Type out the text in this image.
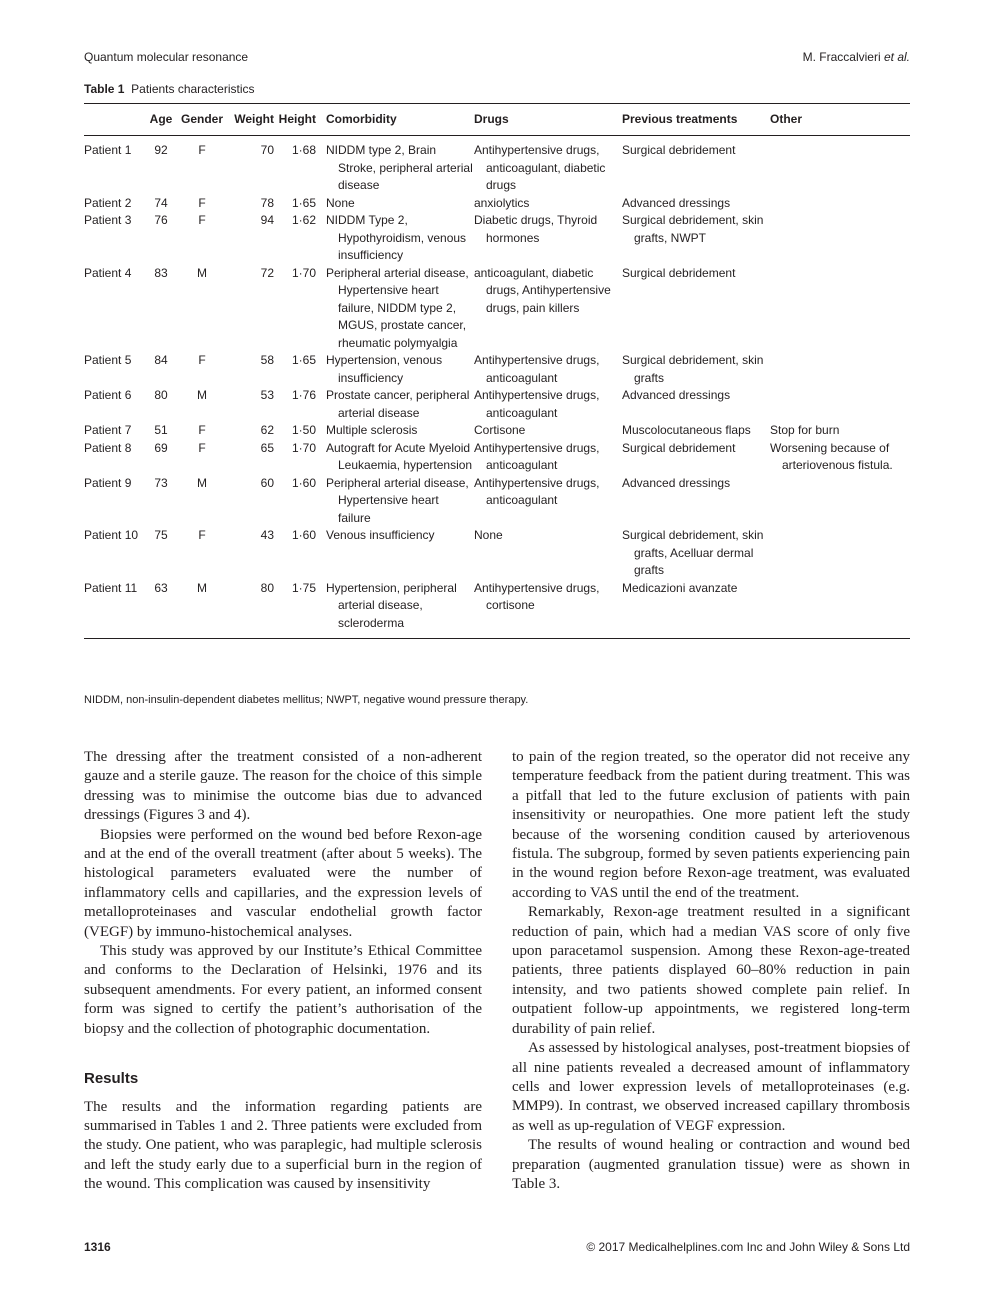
Quantum molecular resonance	M. Fraccalvieri et al.
Table 1 Patients characteristics
	Age	Gender	Weight	Height	Comorbidity	Drugs	Previous treatments	Other
Patient 1	92	F	70	1·68	NIDDM type 2, Brain Stroke, peripheral arterial disease	Antihypertensive drugs, anticoagulant, diabetic drugs	Surgical debridement	
Patient 2	74	F	78	1·65	None	anxiolytics	Advanced dressings	
Patient 3	76	F	94	1·62	NIDDM Type 2, Hypothyroidism, venous insufficiency	Diabetic drugs, Thyroid hormones	Surgical debridement, skin grafts, NWPT	
Patient 4	83	M	72	1·70	Peripheral arterial disease, Hypertensive heart failure, NIDDM type 2, MGUS, prostate cancer, rheumatic polymyalgia	anticoagulant, diabetic drugs, Antihypertensive drugs, pain killers	Surgical debridement	
Patient 5	84	F	58	1·65	Hypertension, venous insufficiency	Antihypertensive drugs, anticoagulant	Surgical debridement, skin grafts	
Patient 6	80	M	53	1·76	Prostate cancer, peripheral arterial disease	Antihypertensive drugs, anticoagulant	Advanced dressings	
Patient 7	51	F	62	1·50	Multiple sclerosis	Cortisone	Muscolocutaneous flaps	Stop for burn
Patient 8	69	F	65	1·70	Autograft for Acute Myeloid Leukaemia, hypertension	Antihypertensive drugs, anticoagulant	Surgical debridement	Worsening because of arteriovenous fistula.
Patient 9	73	M	60	1·60	Peripheral arterial disease, Hypertensive heart failure	Antihypertensive drugs, anticoagulant	Advanced dressings	
Patient 10	75	F	43	1·60	Venous insufficiency	None	Surgical debridement, skin grafts, Acelluar dermal grafts	
Patient 11	63	M	80	1·75	Hypertension, peripheral arterial disease, scleroderma	Antihypertensive drugs, cortisone	Medicazioni avanzate	
NIDDM, non-insulin-dependent diabetes mellitus; NWPT, negative wound pressure therapy.

The dressing after the treatment consisted of a non-adherent gauze and a sterile gauze. The reason for the choice of this simple dressing was to minimise the outcome bias due to advanced dressings (Figures 3 and 4).

Biopsies were performed on the wound bed before Rexon-age and at the end of the overall treatment (after about 5 weeks). The histological parameters evaluated were the number of inflammatory cells and capillaries, and the expression levels of metalloproteinases and vascular endothelial growth factor (VEGF) by immuno-histochemical analyses.

This study was approved by our Institute’s Ethical Committee and conforms to the Declaration of Helsinki, 1976 and its subsequent amendments. For every patient, an informed consent form was signed to certify the patient’s authorisation of the biopsy and the collection of photographic documentation.

Results

The results and the information regarding patients are summarised in Tables 1 and 2. Three patients were excluded from the study. One patient, who was paraplegic, had multiple sclerosis and left the study early due to a superficial burn in the region of the wound. This complication was caused by insensitivity

to pain of the region treated, so the operator did not receive any temperature feedback from the patient during treatment. This was a pitfall that led to the future exclusion of patients with pain insensitivity or neuropathies. One more patient left the study because of the worsening condition caused by arteriovenous fistula. The subgroup, formed by seven patients experiencing pain in the wound region before Rexon-age treatment, was evaluated according to VAS until the end of the treatment.

Remarkably, Rexon-age treatment resulted in a significant reduction of pain, which had a median VAS score of only five upon paracetamol suspension. Among these Rexon-age-treated patients, three patients displayed 60–80% reduction in pain intensity, and two patients showed complete pain relief. In outpatient follow-up appointments, we registered long-term durability of pain relief.

As assessed by histological analyses, post-treatment biopsies of all nine patients revealed a decreased amount of inflammatory cells and lower expression levels of metalloproteinases (e.g. MMP9). In contrast, we observed increased capillary thrombosis as well as up-regulation of VEGF expression.

The results of wound healing or contraction and wound bed preparation (augmented granulation tissue) were as shown in Table 3.

1316	© 2017 Medicalhelplines.com Inc and John Wiley & Sons Ltd
